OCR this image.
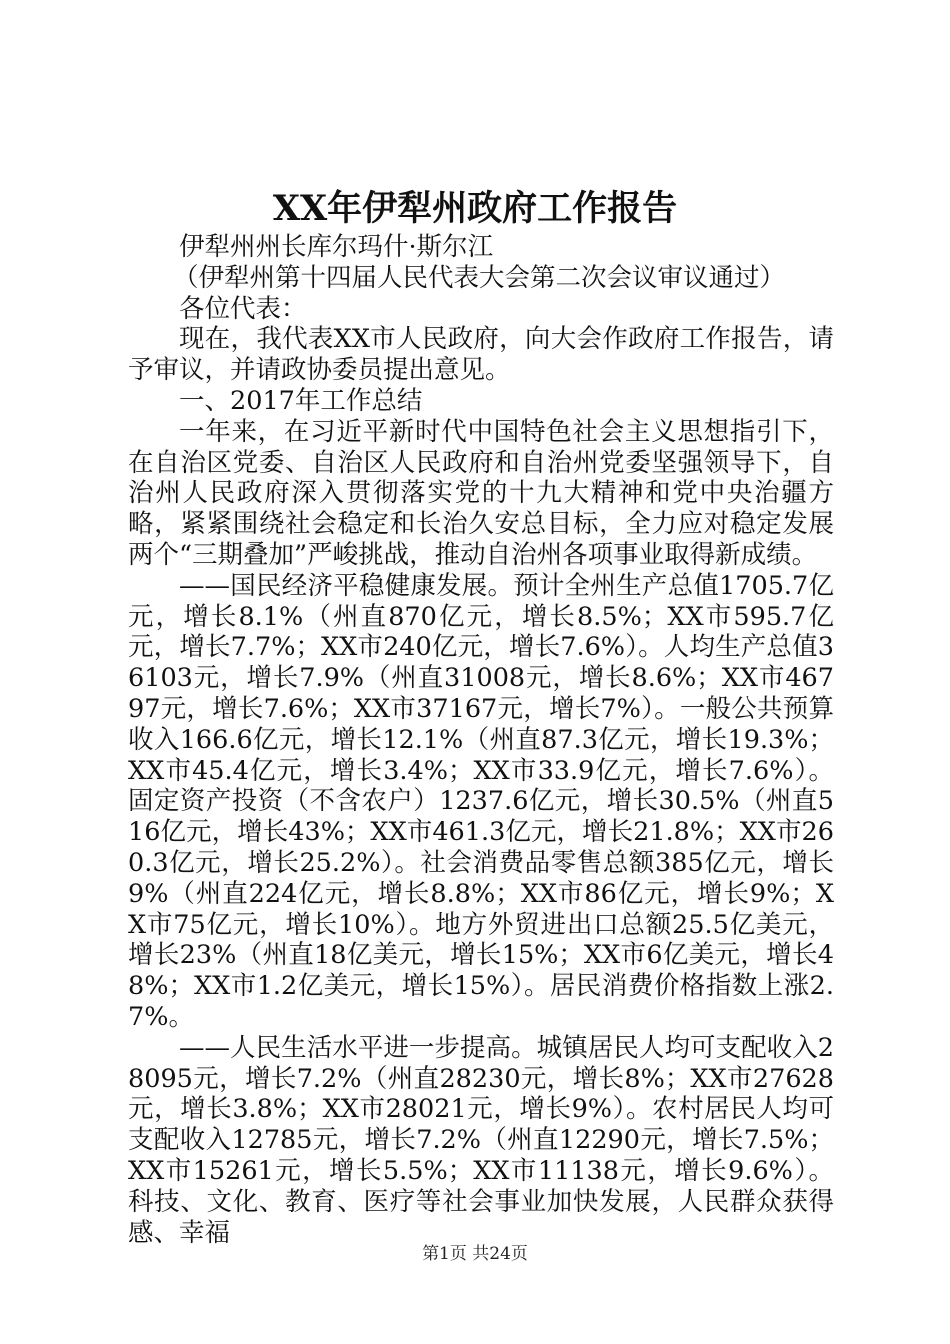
XX年伊犁州政府工作报告

伊犁州州长库尔玛什·斯尔江

（伊犁州第十四届人民代表大会第二次会议审议通过）

各位代表：

现在，我代表XX市人民政府，向大会作政府工作报告，请予审议，并请政协委员提出意见。

一、2017年工作总结

一年来，在习近平新时代中国特色社会主义思想指引下，在自治区党委、自治区人民政府和自治州党委坚强领导下，自治州人民政府深入贯彻落实党的十九大精神和党中央治疆方略，紧紧围绕社会稳定和长治久安总目标，全力应对稳定发展两个“三期叠加”严峻挑战，推动自治州各项事业取得新成绩。

——国民经济平稳健康发展。预计全州生产总值1705.7亿元，增长8.1%（州直870亿元，增长8.5%；XX市595.7亿元，增长7.7%；XX市240亿元，增长7.6%）。人均生产总值36103元，增长7.9%（州直31008元，增长8.6%；XX市46797元，增长7.6%；XX市37167元，增长7%）。一般公共预算收入166.6亿元，增长12.1%（州直87.3亿元，增长19.3%；XX市45.4亿元，增长3.4%；XX市33.9亿元，增长7.6%）。固定资产投资（不含农户）1237.6亿元，增长30.5%（州直516亿元，增长43%；XX市461.3亿元，增长21.8%；XX市260.3亿元，增长25.2%）。社会消费品零售总额385亿元，增长9%（州直224亿元，增长8.8%；XX市86亿元，增长9%；XX市75亿元，增长10%）。地方外贸进出口总额25.5亿美元，增长23%（州直18亿美元，增长15%；XX市6亿美元，增长48%；XX市1.2亿美元，增长15%）。居民消费价格指数上涨2.7%。

——人民生活水平进一步提高。城镇居民人均可支配收入28095元，增长7.2%（州直28230元，增长8%；XX市27628元，增长3.8%；XX市28021元，增长9%）。农村居民人均可支配收入12785元，增长7.2%（州直12290元，增长7.5%；XX市15261元，增长5.5%；XX市11138元，增长9.6%）。科技、文化、教育、医疗等社会事业加快发展，人民群众获得感、幸福

第1页 共24页
